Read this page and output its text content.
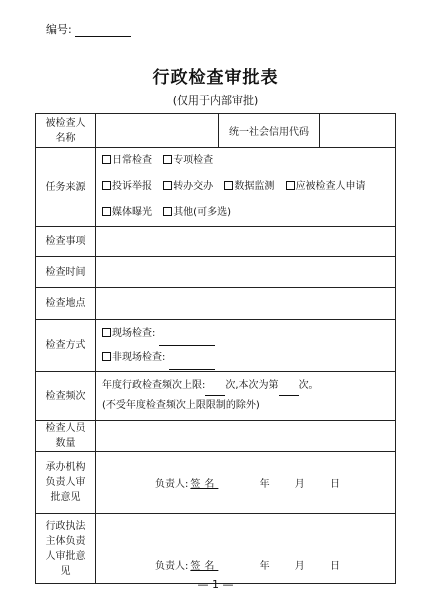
编号:
行政检查审批表
(仅用于内部审批)
被检查人名称		统一社会信用代码	
任务来源	日常检查 专项检查
投诉举报 转办交办 数据监测 应被检查人申请
媒体曝光 其他(可多选)		

检查事项			
检查时间			
检查地点			
检查方式	现场检查:
非现场检查:		

检查频次	年度行政检查频次上限: 次,本次为第 次。
(不受年度检查频次上限限制的除外)		

检查人员数量			
承办机构负责人审批意见	负责人: 签名 年 月 日		

行政执法主体负责人审批意见	负责人: 签名 年 月 日		
— 1 —
